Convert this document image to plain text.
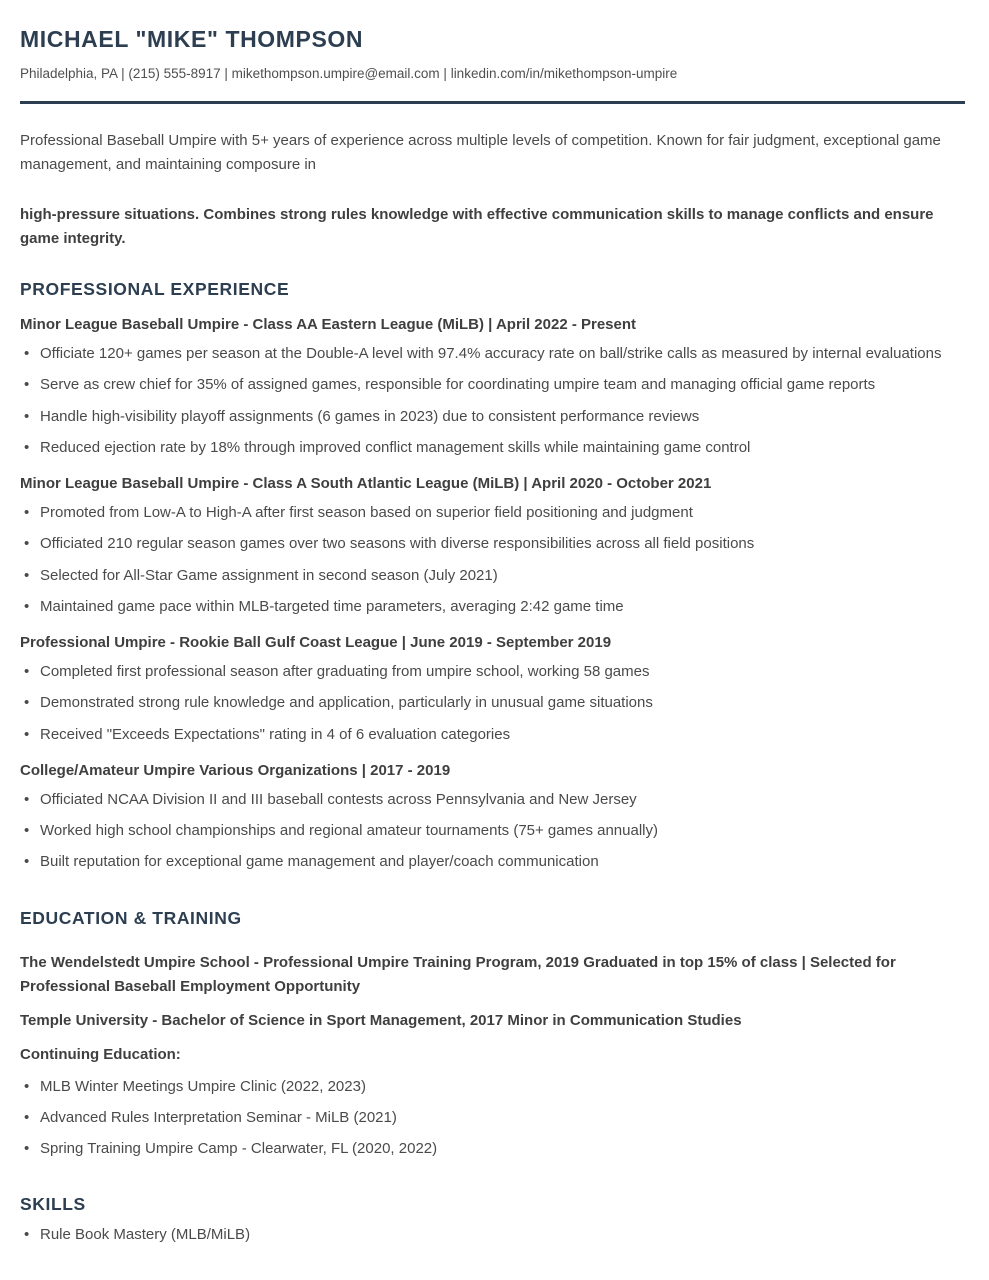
MICHAEL "MIKE" THOMPSON
Philadelphia, PA | (215) 555-8917 | mikethompson.umpire@email.com | linkedin.com/in/mikethompson-umpire

Professional Baseball Umpire with 5+ years of experience across multiple levels of competition. Known for fair judgment, exceptional game management, and maintaining composure in

high-pressure situations. Combines strong rules knowledge with effective communication skills to manage conflicts and ensure game integrity.

PROFESSIONAL EXPERIENCE
Minor League Baseball Umpire - Class AA Eastern League (MiLB) | April 2022 - Present
• Officiate 120+ games per season at the Double-A level with 97.4% accuracy rate on ball/strike calls as measured by internal evaluations
• Serve as crew chief for 35% of assigned games, responsible for coordinating umpire team and managing official game reports
• Handle high-visibility playoff assignments (6 games in 2023) due to consistent performance reviews
• Reduced ejection rate by 18% through improved conflict management skills while maintaining game control
Minor League Baseball Umpire - Class A South Atlantic League (MiLB) | April 2020 - October 2021
• Promoted from Low-A to High-A after first season based on superior field positioning and judgment
• Officiated 210 regular season games over two seasons with diverse responsibilities across all field positions
• Selected for All-Star Game assignment in second season (July 2021)
• Maintained game pace within MLB-targeted time parameters, averaging 2:42 game time
Professional Umpire - Rookie Ball Gulf Coast League | June 2019 - September 2019
• Completed first professional season after graduating from umpire school, working 58 games
• Demonstrated strong rule knowledge and application, particularly in unusual game situations
• Received "Exceeds Expectations" rating in 4 of 6 evaluation categories
College/Amateur Umpire Various Organizations | 2017 - 2019
• Officiated NCAA Division II and III baseball contests across Pennsylvania and New Jersey
• Worked high school championships and regional amateur tournaments (75+ games annually)
• Built reputation for exceptional game management and player/coach communication
EDUCATION & TRAINING

The Wendelstedt Umpire School - Professional Umpire Training Program, 2019 Graduated in top 15% of class | Selected for Professional Baseball Employment Opportunity

Temple University - Bachelor of Science in Sport Management, 2017 Minor in Communication Studies

Continuing Education:

• MLB Winter Meetings Umpire Clinic (2022, 2023)
• Advanced Rules Interpretation Seminar - MiLB (2021)
• Spring Training Umpire Camp - Clearwater, FL (2020, 2022)
SKILLS
• Rule Book Mastery (MLB/MiLB)
